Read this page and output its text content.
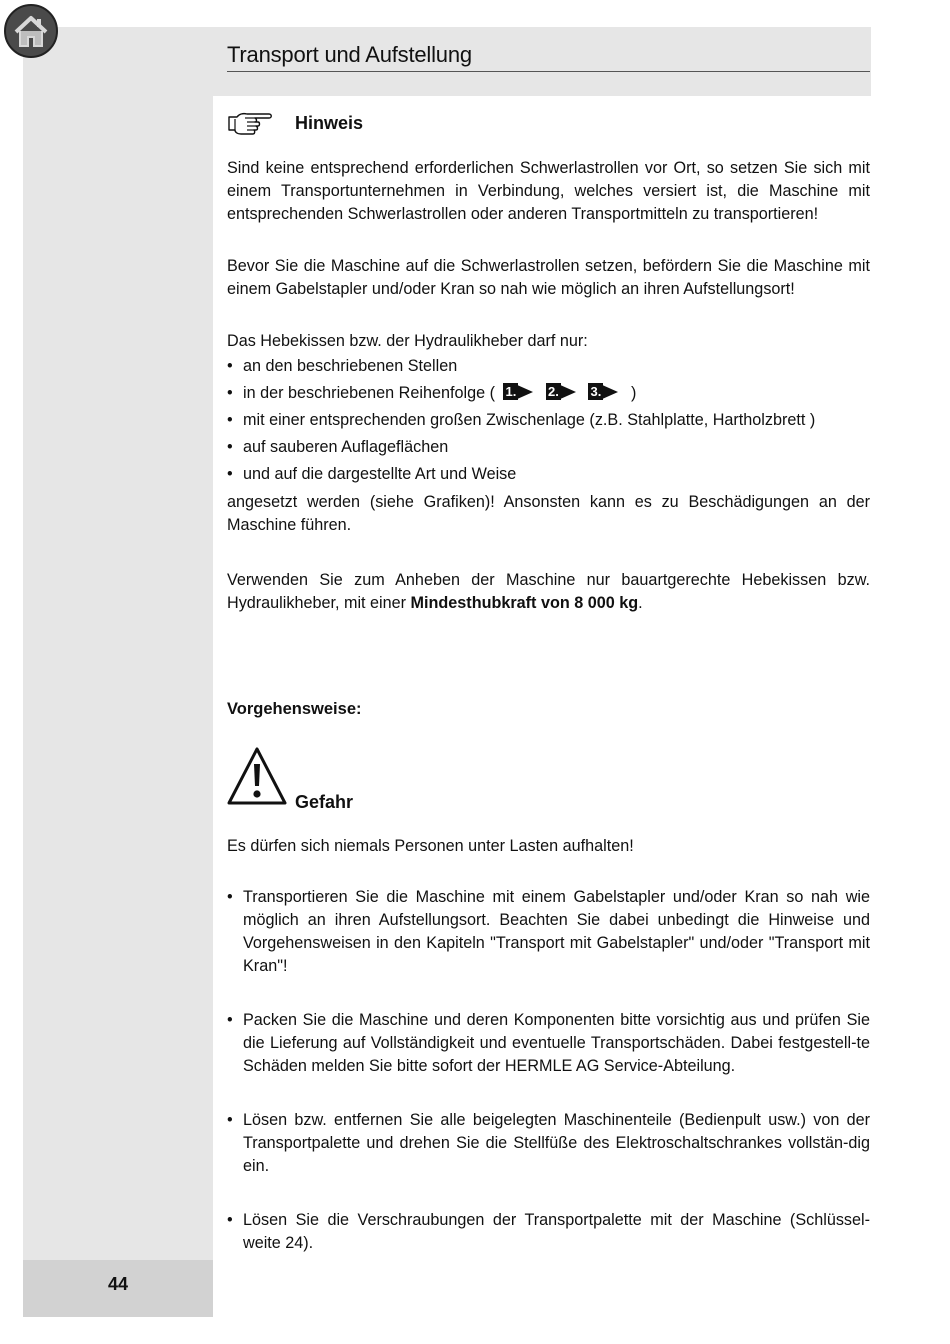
44
Transport und Aufstellung
Hinweis
Sind keine entsprechend erforderlichen Schwerlastrollen vor Ort, so setzen Sie sich mit einem Transportunternehmen in Verbindung, welches versiert ist, die Maschine mit entsprechenden Schwerlastrollen oder anderen Transportmitteln zu transportieren!
Bevor Sie die Maschine auf die Schwerlastrollen setzen, befördern Sie die Maschine mit einem Gabelstapler und/oder Kran so nah wie möglich an ihren Aufstellungsort!
Das Hebekissen bzw. der Hydraulikheber darf nur:
• an den beschriebenen Stellen
• in der beschriebenen Reihenfolge ( 1.
2.
3. )
• mit einer entsprechenden großen Zwischenlage (z.B. Stahlplatte, Hartholzbrett )
• auf sauberen Auflageflächen
• und auf die dargestellte Art und Weise
angesetzt werden (siehe Grafiken)! Ansonsten kann es zu Beschädigungen an der Maschine führen.
Verwenden Sie zum Anheben der Maschine nur bauartgerechte Hebekissen bzw. Hydraulikheber, mit einer Mindesthubkraft von 8 000 kg.
Vorgehensweise:
Gefahr
Es dürfen sich niemals Personen unter Lasten aufhalten!
• Transportieren Sie die Maschine mit einem Gabelstapler und/oder Kran so nah wie möglich an ihren Aufstellungsort. Beachten Sie dabei unbedingt die Hinweise und Vorgehensweisen in den Kapiteln "Transport mit Gabelstapler" und/oder "Transport mit Kran"!
• Packen Sie die Maschine und deren Komponenten bitte vorsichtig aus und prüfen Sie die Lieferung auf Vollständigkeit und eventuelle Transportschäden. Dabei festgestell-te Schäden melden Sie bitte sofort der HERMLE AG Service-Abteilung.
• Lösen bzw. entfernen Sie alle beigelegten Maschinenteile (Bedienpult usw.) von der Transportpalette und drehen Sie die Stellfüße des Elektroschaltschrankes vollstän-dig ein.
• Lösen Sie die Verschraubungen der Transportpalette mit der Maschine (Schlüssel-weite 24).
